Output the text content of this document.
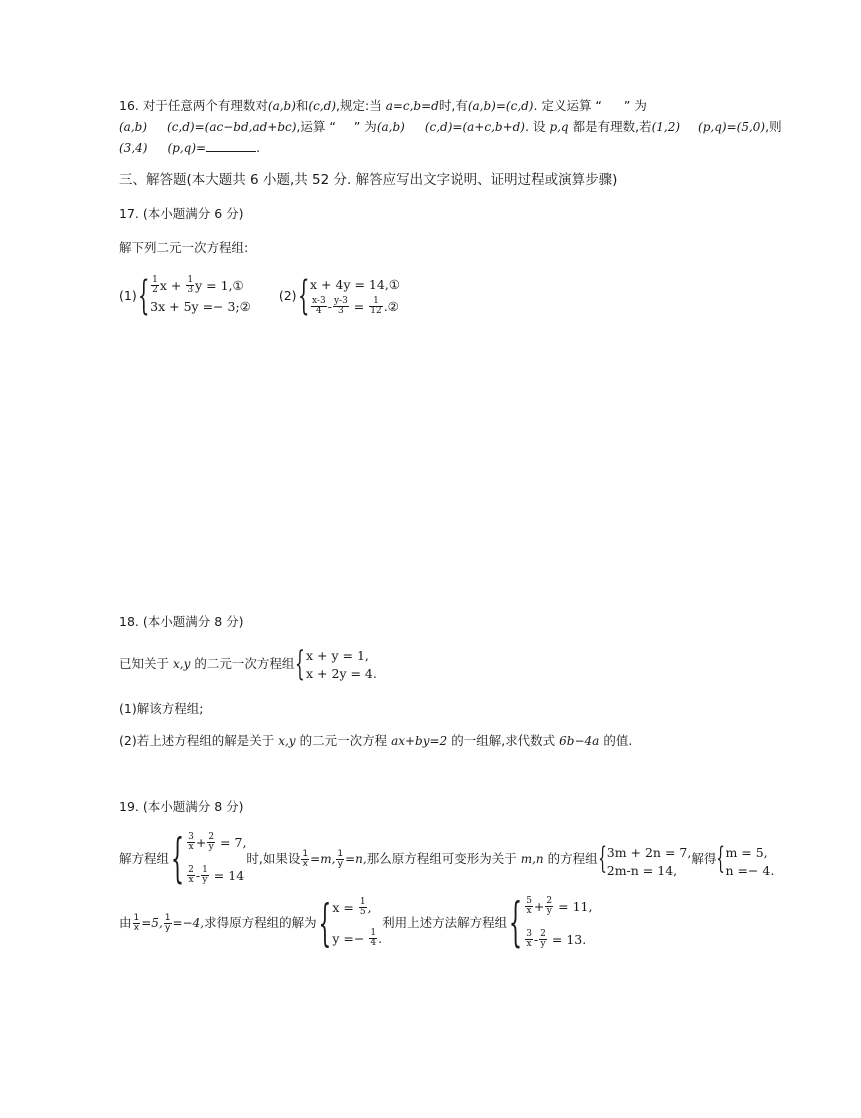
16. 对于任意两个有理数对(a,b)和(c,d),规定:当 a=c,b=d时,有(a,b)=(c,d). 定义运算 “ ” 为
(a,b) (c,d)=(ac−bd,ad+bc),运算 “ ” 为(a,b) (c,d)=(a+c,b+d). 设 p,q 都是有理数,若(1,2) (p,q)=(5,0),则
(3,4) (p,q)=	.
三、解答题(本大题共 6 小题,共 52 分. 解答应写出文字说明、证明过程或演算步骤)
17. (本小题满分 6 分)
解下列二元一次方程组:
(1) { $\frac{1}{2}$ x +
$\frac{1}{3}$ y = 1,①
3x + 5y =− 3;②

(2) { x + 4y = 14,①
$\frac{x-3}{4} - \frac{y-3}{3}$
=
$\frac{1}{12}$ .②
18. (本小题满分 8 分)
已知关于
x,y
的二元一次方程组 { x + y = 1,
x + 2y = 4.
(1)解该方程组;
(2)若上述方程组的解是关于 x,y 的二元一次方程 ax+by=2 的一组解,求代数式 6b−4a 的值.
19. (本小题满分 8 分)
解方程组 { $\frac{3}{x} + \frac{2}{y}$
= 7,
$\frac{2}{x} - \frac{1}{y}$
= 14
时,如果设 $\frac{1}{x} =m$, $\frac{1}{y} =n$, 那么原方程组可变形为关于
m,n
的方程组 { 3m + 2n = 7,
2m-n = 14,
解得 { m = 5,
n =− 4.
由 $\frac{1}{x} =5$, $\frac{1}{y} =-4$, 求得原方程组的解为 { x =
$\frac{1}{5}$ ,
y =−
$\frac{1}{4}$ .
利用上述方法解方程组 { $\frac{5}{x} + \frac{2}{y}$
= 11,
$\frac{3}{x} - \frac{2}{y}$
= 13.
